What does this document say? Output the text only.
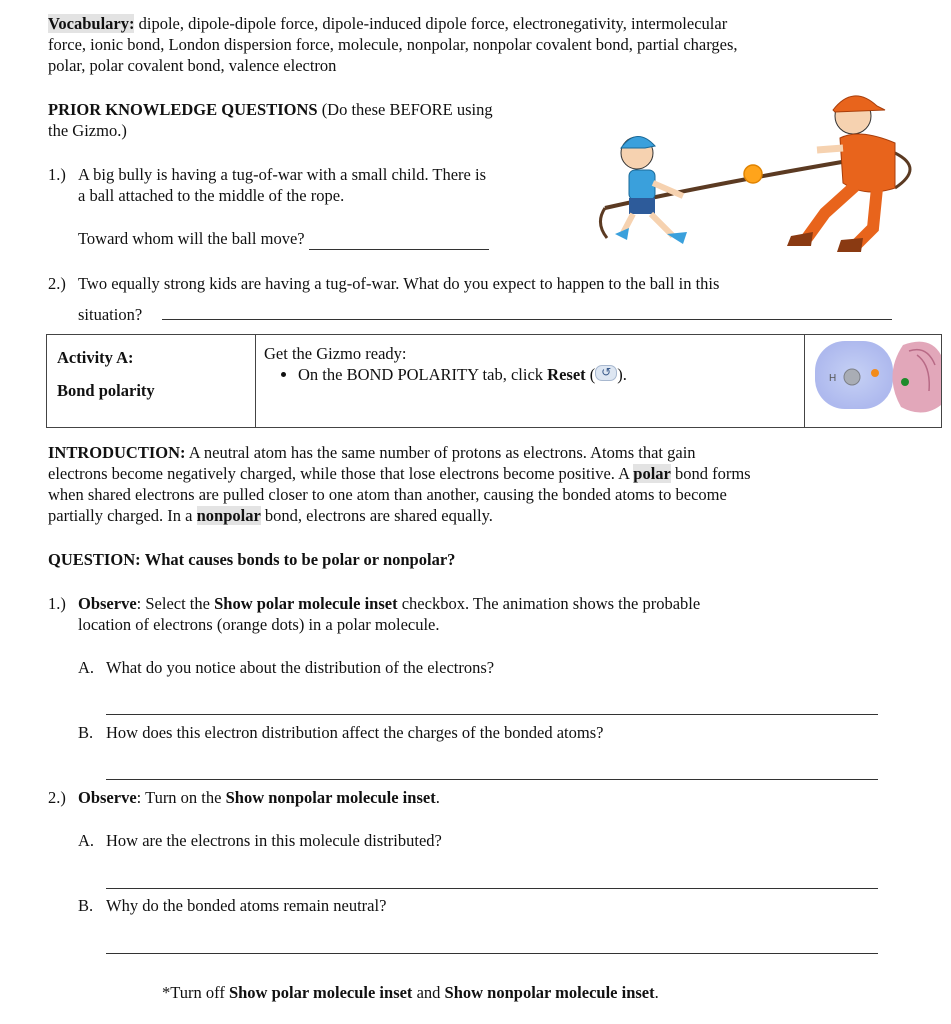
Vocabulary: dipole, dipole-dipole force, dipole-induced dipole force, electronegativity, intermolecular
force, ionic bond, London dispersion force, molecule, nonpolar, nonpolar covalent bond, partial charges,
polar, polar covalent bond, valence electron
PRIOR KNOWLEDGE QUESTIONS (Do these BEFORE using
the Gizmo.)
1.) A big bully is having a tug-of-war with a small child. There is
a ball attached to the middle of the rope.
Toward whom will the ball move?
2.) Two equally strong kids are having a tug-of-war. What do you expect to happen to the ball in this
situation?
Activity A:
Bond polarity

Get the Gizmo ready:
• On the BOND POLARITY tab, click Reset (↺ ).	H
INTRODUCTION: A neutral atom has the same number of protons as electrons. Atoms that gain
electrons become negatively charged, while those that lose electrons become positive. A polar bond forms
when shared electrons are pulled closer to one atom than another, causing the bonded atoms to become
partially charged. In a nonpolar bond, electrons are shared equally.
QUESTION: What causes bonds to be polar or nonpolar?
1.) Observe: Select the Show polar molecule inset checkbox. The animation shows the probable
location of electrons (orange dots) in a polar molecule.
A. What do you notice about the distribution of the electrons?
B. How does this electron distribution affect the charges of the bonded atoms?
2.) Observe: Turn on the Show nonpolar molecule inset.
A. How are the electrons in this molecule distributed?
B. Why do the bonded atoms remain neutral?
*Turn off Show polar molecule inset and Show nonpolar molecule inset.
